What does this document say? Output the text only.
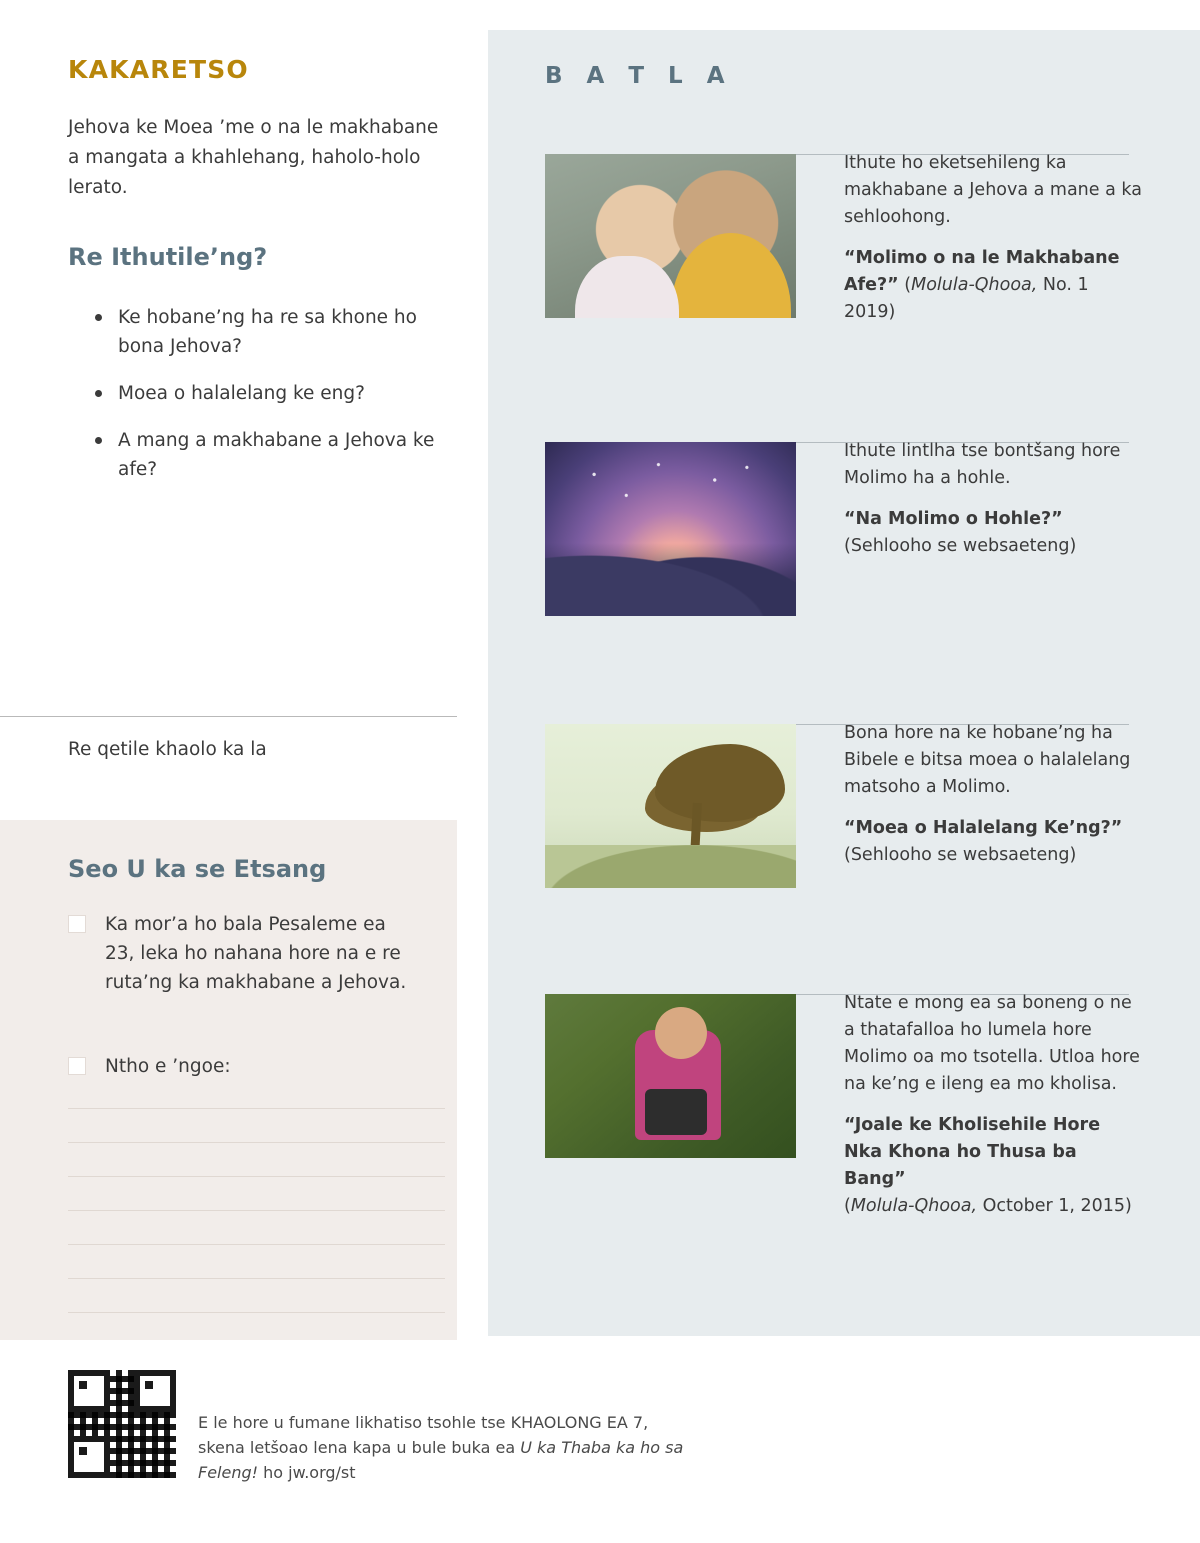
KAKARETSO
Jehova ke Moea ’me o na le makhabane a mangata a khahlehang, haholo-holo lerato.
Re Ithutile’ng?
Ke hobane’ng ha re sa khone ho bona Jehova?
Moea o halalelang ke eng?
A mang a makhabane a Jehova ke afe?
Re qetile khaolo ka la
Seo U ka se Etsang
Ka mor’a ho bala Pesaleme ea 23, leka ho nahana hore na e re ruta’ng ka makhabane a Jehova.
Ntho e ’ngoe:
B A T L A
Ithute ho eketsehileng ka makhabane a Jehova a mane a ka sehloohong.
“Molimo o na le Makhabane Afe?” (Molula-Qhooa, No. 1 2019)
Ithute lintlha tse bontšang hore Molimo ha a hohle.
“Na Molimo o Hohle?”
(Sehlooho se websaeteng)
Bona hore na ke hobane’ng ha Bibele e bitsa moea o halalelang matsoho a Molimo.
“Moea o Halalelang Ke’ng?”
(Sehlooho se websaeteng)
Ntate e mong ea sa boneng o ne a thatafalloa ho lumela hore Molimo oa mo tsotella. Utloa hore na ke’ng e ileng ea mo kholisa.
“Joale ke Kholisehile Hore Nka Khona ho Thusa ba Bang”
(Molula-Qhooa, October 1, 2015)
E le hore u fumane likhatiso tsohle tse KHAOLONG EA 7,
skena letšoao lena kapa u bule buka ea U ka Thaba ka ho sa
Feleng! ho jw.org/st
